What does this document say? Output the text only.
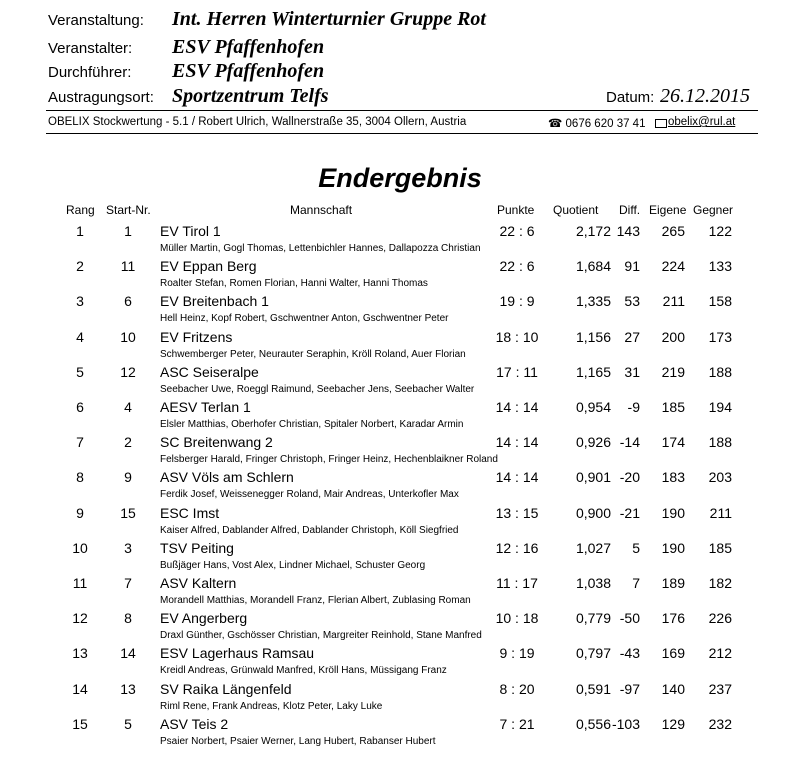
Veranstaltung: Int. Herren Winterturnier Gruppe Rot
Veranstalter: ESV Pfaffenhofen
Durchführer: ESV Pfaffenhofen
Austragungsort: Sportzentrum Telfs	Datum: 26.12.2015
OBELIX Stockwertung - 5.1 / Robert Ulrich, Wallnerstraße 35, 3004 Ollern, Austria	☎ 0676 620 37 41 obelix@rul.at
Endergebnis
Rang Start-Nr.	Mannschaft	Punkte Quotient Diff. Eigene Gegner
1	1	EV Tirol 1	22 : 6	2,172 143	265	122
Müller Martin, Gogl Thomas, Lettenbichler Hannes, Dallapozza Christian
2	11	EV Eppan Berg	22 : 6	1,684 91	224	133
Roalter Stefan, Romen Florian, Hanni Walter, Hanni Thomas
3	6	EV Breitenbach 1	19 : 9	1,335 53	211	158
Hell Heinz, Kopf Robert, Gschwentner Anton, Gschwentner Peter
4	10	EV Fritzens	18 : 10	1,156 27	200	173
Schwemberger Peter, Neurauter Seraphin, Kröll Roland, Auer Florian
5	12	ASC Seiseralpe	17 : 11	1,165 31	219	188
Seebacher Uwe, Roeggl Raimund, Seebacher Jens, Seebacher Walter
6	4	AESV Terlan 1	14 : 14	0,954	-9	185	194
Elsler Matthias, Oberhofer Christian, Spitaler Norbert, Karadar Armin
7	2	SC Breitenwang 2	14 : 14	0,926 -14	174	188
Felsberger Harald, Fringer Christoph, Fringer Heinz, Hechenblaikner Roland
8	9	ASV Völs am Schlern	14 : 14	0,901 -20	183	203
Ferdik Josef, Weissenegger Roland, Mair Andreas, Unterkofler Max
9	15	ESC Imst	13 : 15	0,900 -21	190	211
Kaiser Alfred, Dablander Alfred, Dablander Christoph, Köll Siegfried
10	3	TSV Peiting	12 : 16	1,027	5	190	185
Bußjäger Hans, Vost Alex, Lindner Michael, Schuster Georg
11	7	ASV Kaltern	11 : 17	1,038	7	189	182
Morandell Matthias, Morandell Franz, Flerian Albert, Zublasing Roman
12	8	EV Angerberg	10 : 18	0,779 -50	176	226
Draxl Günther, Gschösser Christian, Margreiter Reinhold, Stane Manfred
13	14	ESV Lagerhaus Ramsau	9 : 19	0,797 -43	169	212
Kreidl Andreas, Grünwald Manfred, Kröll Hans, Müssigang Franz
14	13	SV Raika Längenfeld	8 : 20	0,591 -97	140	237
Riml Rene, Frank Andreas, Klotz Peter, Laky Luke
15	5	ASV Teis 2	7 : 21	0,556 -103	129	232
Psaier Norbert, Psaier Werner, Lang Hubert, Rabanser Hubert
